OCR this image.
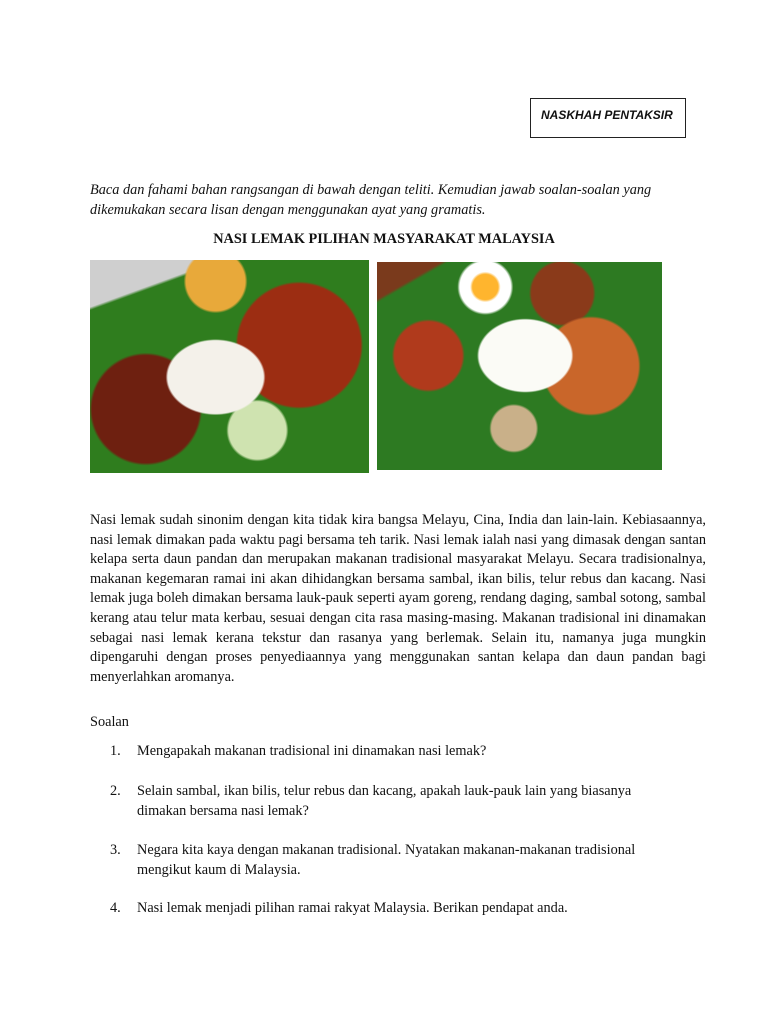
NASKHAH PENTAKSIR
Baca dan fahami bahan rangsangan di bawah dengan teliti. Kemudian jawab soalan-soalan yang dikemukakan secara lisan dengan menggunakan ayat yang gramatis.
NASI LEMAK PILIHAN MASYARAKAT MALAYSIA
Nasi lemak sudah sinonim dengan kita tidak kira bangsa Melayu, Cina, India dan lain-lain. Kebiasaannya, nasi lemak dimakan pada waktu pagi bersama teh tarik. Nasi lemak ialah nasi yang dimasak dengan santan kelapa serta daun pandan dan merupakan makanan tradisional masyarakat Melayu. Secara tradisionalnya, makanan kegemaran ramai ini akan dihidangkan bersama sambal, ikan bilis, telur rebus dan kacang. Nasi lemak juga boleh dimakan bersama lauk-pauk seperti ayam goreng, rendang daging, sambal sotong, sambal kerang atau telur mata kerbau, sesuai dengan cita rasa masing-masing. Makanan tradisional ini dinamakan sebagai nasi lemak kerana tekstur dan rasanya yang berlemak. Selain itu, namanya juga mungkin dipengaruhi dengan proses penyediaannya yang menggunakan santan kelapa dan daun pandan bagi menyerlahkan aromanya.
Soalan
1.	Mengapakah makanan tradisional ini dinamakan nasi lemak?
2.	Selain sambal, ikan bilis, telur rebus dan kacang, apakah lauk-pauk lain yang biasanya dimakan bersama nasi lemak?
3.	Negara kita kaya dengan makanan tradisional. Nyatakan makanan-makanan tradisional mengikut kaum di Malaysia.
4.	Nasi lemak menjadi pilihan ramai rakyat Malaysia. Berikan pendapat anda.
